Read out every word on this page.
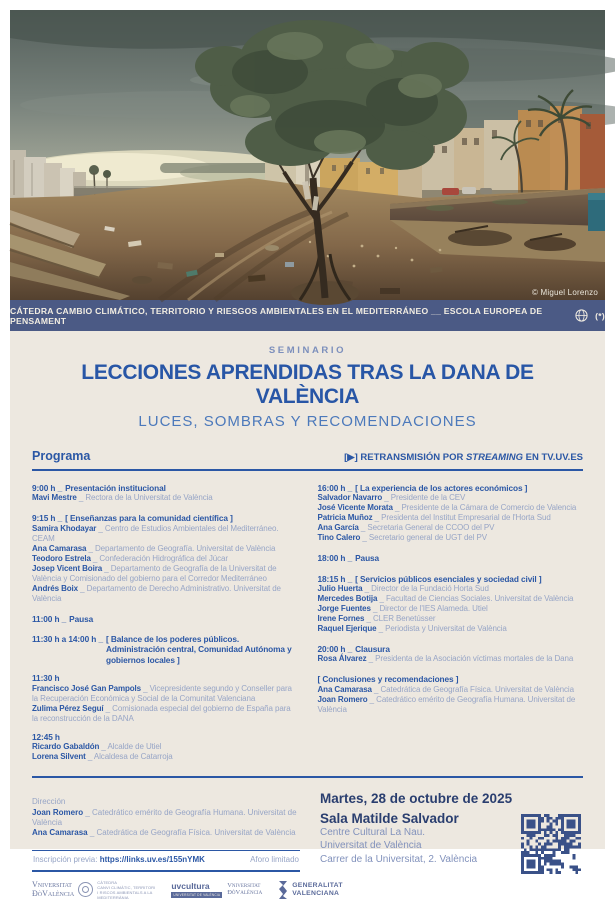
© Miguel Lorenzo
CÁTEDRA CAMBIO CLIMÁTICO, TERRITORIO Y RIESGOS AMBIENTALES EN EL MEDITERRÁNEO __ ESCOLA EUROPEA DE PENSAMENT	(*)
SEMINARIO
LECCIONES APRENDIDAS TRAS LA DANA DE VALÈNCIA
LUCES, SOMBRAS Y RECOMENDACIONES
Programa	[▶] RETRANSMISIÓN POR STREAMING EN TV.UV.ES
9:00 h _ Presentación institucional
Mavi Mestre _ Rectora de la Universitat de València
9:15 h _ [ Enseñanzas para la comunidad científica ]
Samira Khodayar _ Centro de Estudios Ambientales del Mediterráneo. CEAM
Ana Camarasa _ Departamento de Geografía. Universitat de València
Teodoro Estrela _ Confederación Hidrográfica del Júcar
Josep Vicent Boira _ Departamento de Geografía de la Universitat de València y Comisionado del gobierno para el Corredor Mediterráneo
Andrés Boix _ Departamento de Derecho Administrativo. Universitat de València
11:00 h _ Pausa
11:30 h a 14:00 h _ [ Balance de los poderes públicos. Administración central, Comunidad Autónoma y gobiernos locales ]
11:30 h
Francisco José Gan Pampols _ Vicepresidente segundo y Conseller para la Recuperación Económica y Social de la Comunitat Valenciana
Zulima Pérez Seguí _ Comisionada especial del gobierno de España para la reconstrucción de la DANA
12:45 h
Ricardo Gabaldón _ Alcalde de Utiel
Lorena Silvent _ Alcaldesa de Catarroja
16:00 h _ [ La experiencia de los actores económicos ]
Salvador Navarro _ Presidente de la CEV
José Vicente Morata _ Presidente de la Cámara de Comercio de Valencia
Patricia Muñoz _ Presidenta del Institut Empresarial de l'Horta Sud
Ana García _ Secretaria General de CCOO del PV
Tino Calero _ Secretario general de UGT del PV
18:00 h _ Pausa
18:15 h _ [ Servicios públicos esenciales y sociedad civil ]
Julio Huerta _ Director de la Fundació Horta Sud
Mercedes Botija _ Facultad de Ciencias Sociales. Universitat de València
Jorge Fuentes _ Director de l'IES Alameda. Utiel
Irene Fornes _ CLER Benetússer
Raquel Ejerique _ Periodista y Universitat de València
20:00 h _ Clausura
Rosa Álvarez _ Presidenta de la Asociación víctimas mortales de la Dana
[ Conclusiones y recomendaciones ]
Ana Camarasa _ Catedrática de Geografía Física. Universitat de València
Joan Romero _ Catedrático emérito de Geografía Humana. Universitat de València
Dirección
Joan Romero _ Catedrático emérito de Geografía Humana. Universitat de València
Ana Camarasa _ Catedrática de Geografía Física. Universitat de València
Inscripción previa: https://links.uv.es/155nYMK	Aforo limitado
Martes, 28 de octubre de 2025
Sala Matilde Salvador
Centre Cultural La Nau.
Universitat de València
Carrer de la Universitat, 2. València
Vniversitat
ĐòValència
CÀTEDRA
CANVI CLIMÀTIC, TERRITORI
I RISCOS AMBIENTALS A LA
MEDITERRÀNIA
uvcultura
UNIVERSITAT DE VALÈNCIA
Vniversitat
ĐòValència
GENERALITAT
VALENCIANA
